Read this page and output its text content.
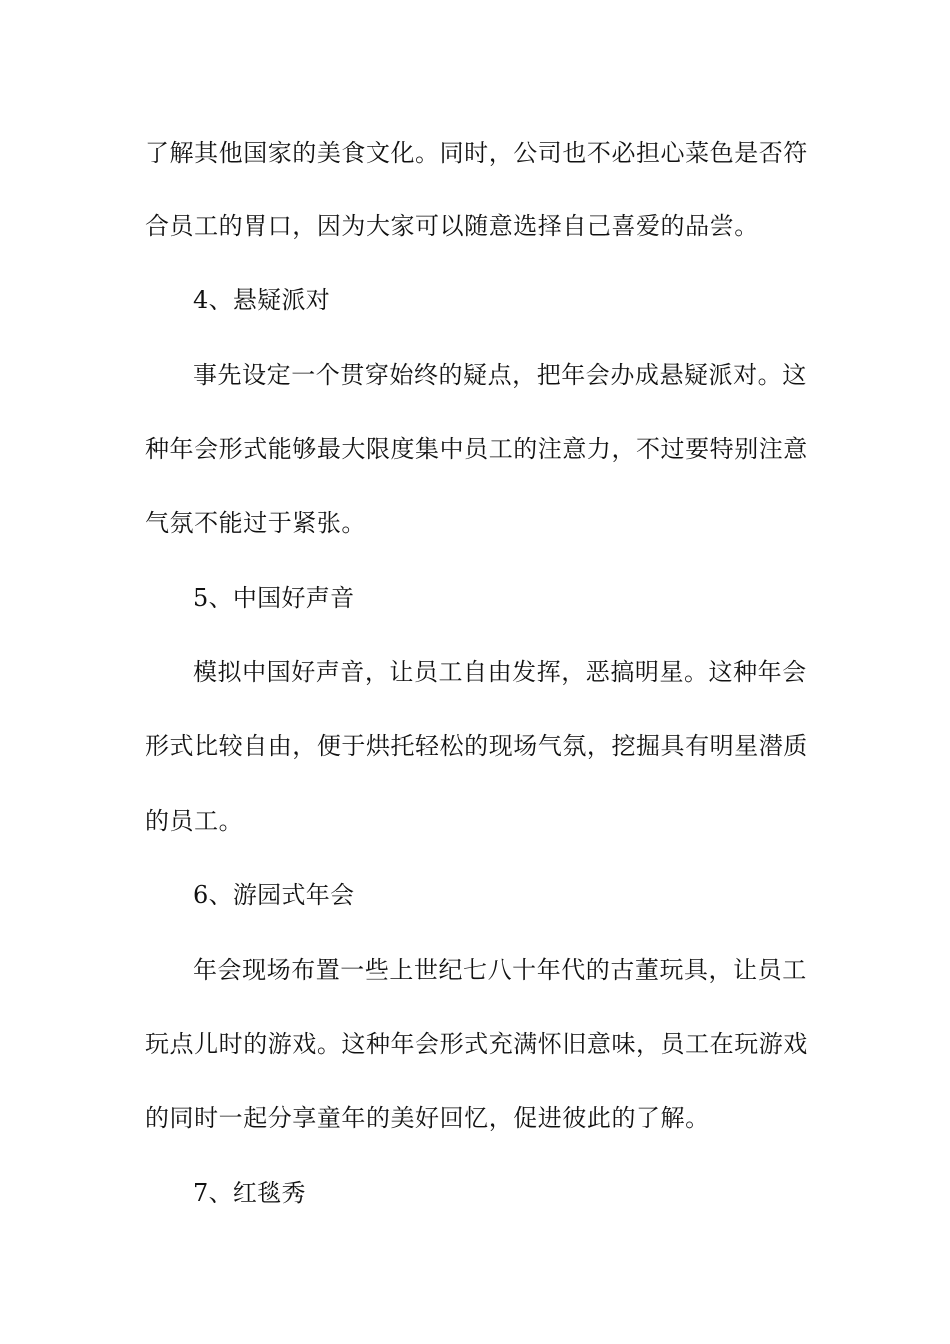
了解其他国家的美食文化。同时，公司也不必担心菜色是否符
合员工的胃口，因为大家可以随意选择自己喜爱的品尝。
4、悬疑派对
事先设定一个贯穿始终的疑点，把年会办成悬疑派对。这
种年会形式能够最大限度集中员工的注意力，不过要特别注意
气氛不能过于紧张。
5、中国好声音
模拟中国好声音，让员工自由发挥，恶搞明星。这种年会
形式比较自由，便于烘托轻松的现场气氛，挖掘具有明星潜质
的员工。
6、游园式年会
年会现场布置一些上世纪七八十年代的古董玩具，让员工
玩点儿时的游戏。这种年会形式充满怀旧意味，员工在玩游戏
的同时一起分享童年的美好回忆，促进彼此的了解。
7、红毯秀
